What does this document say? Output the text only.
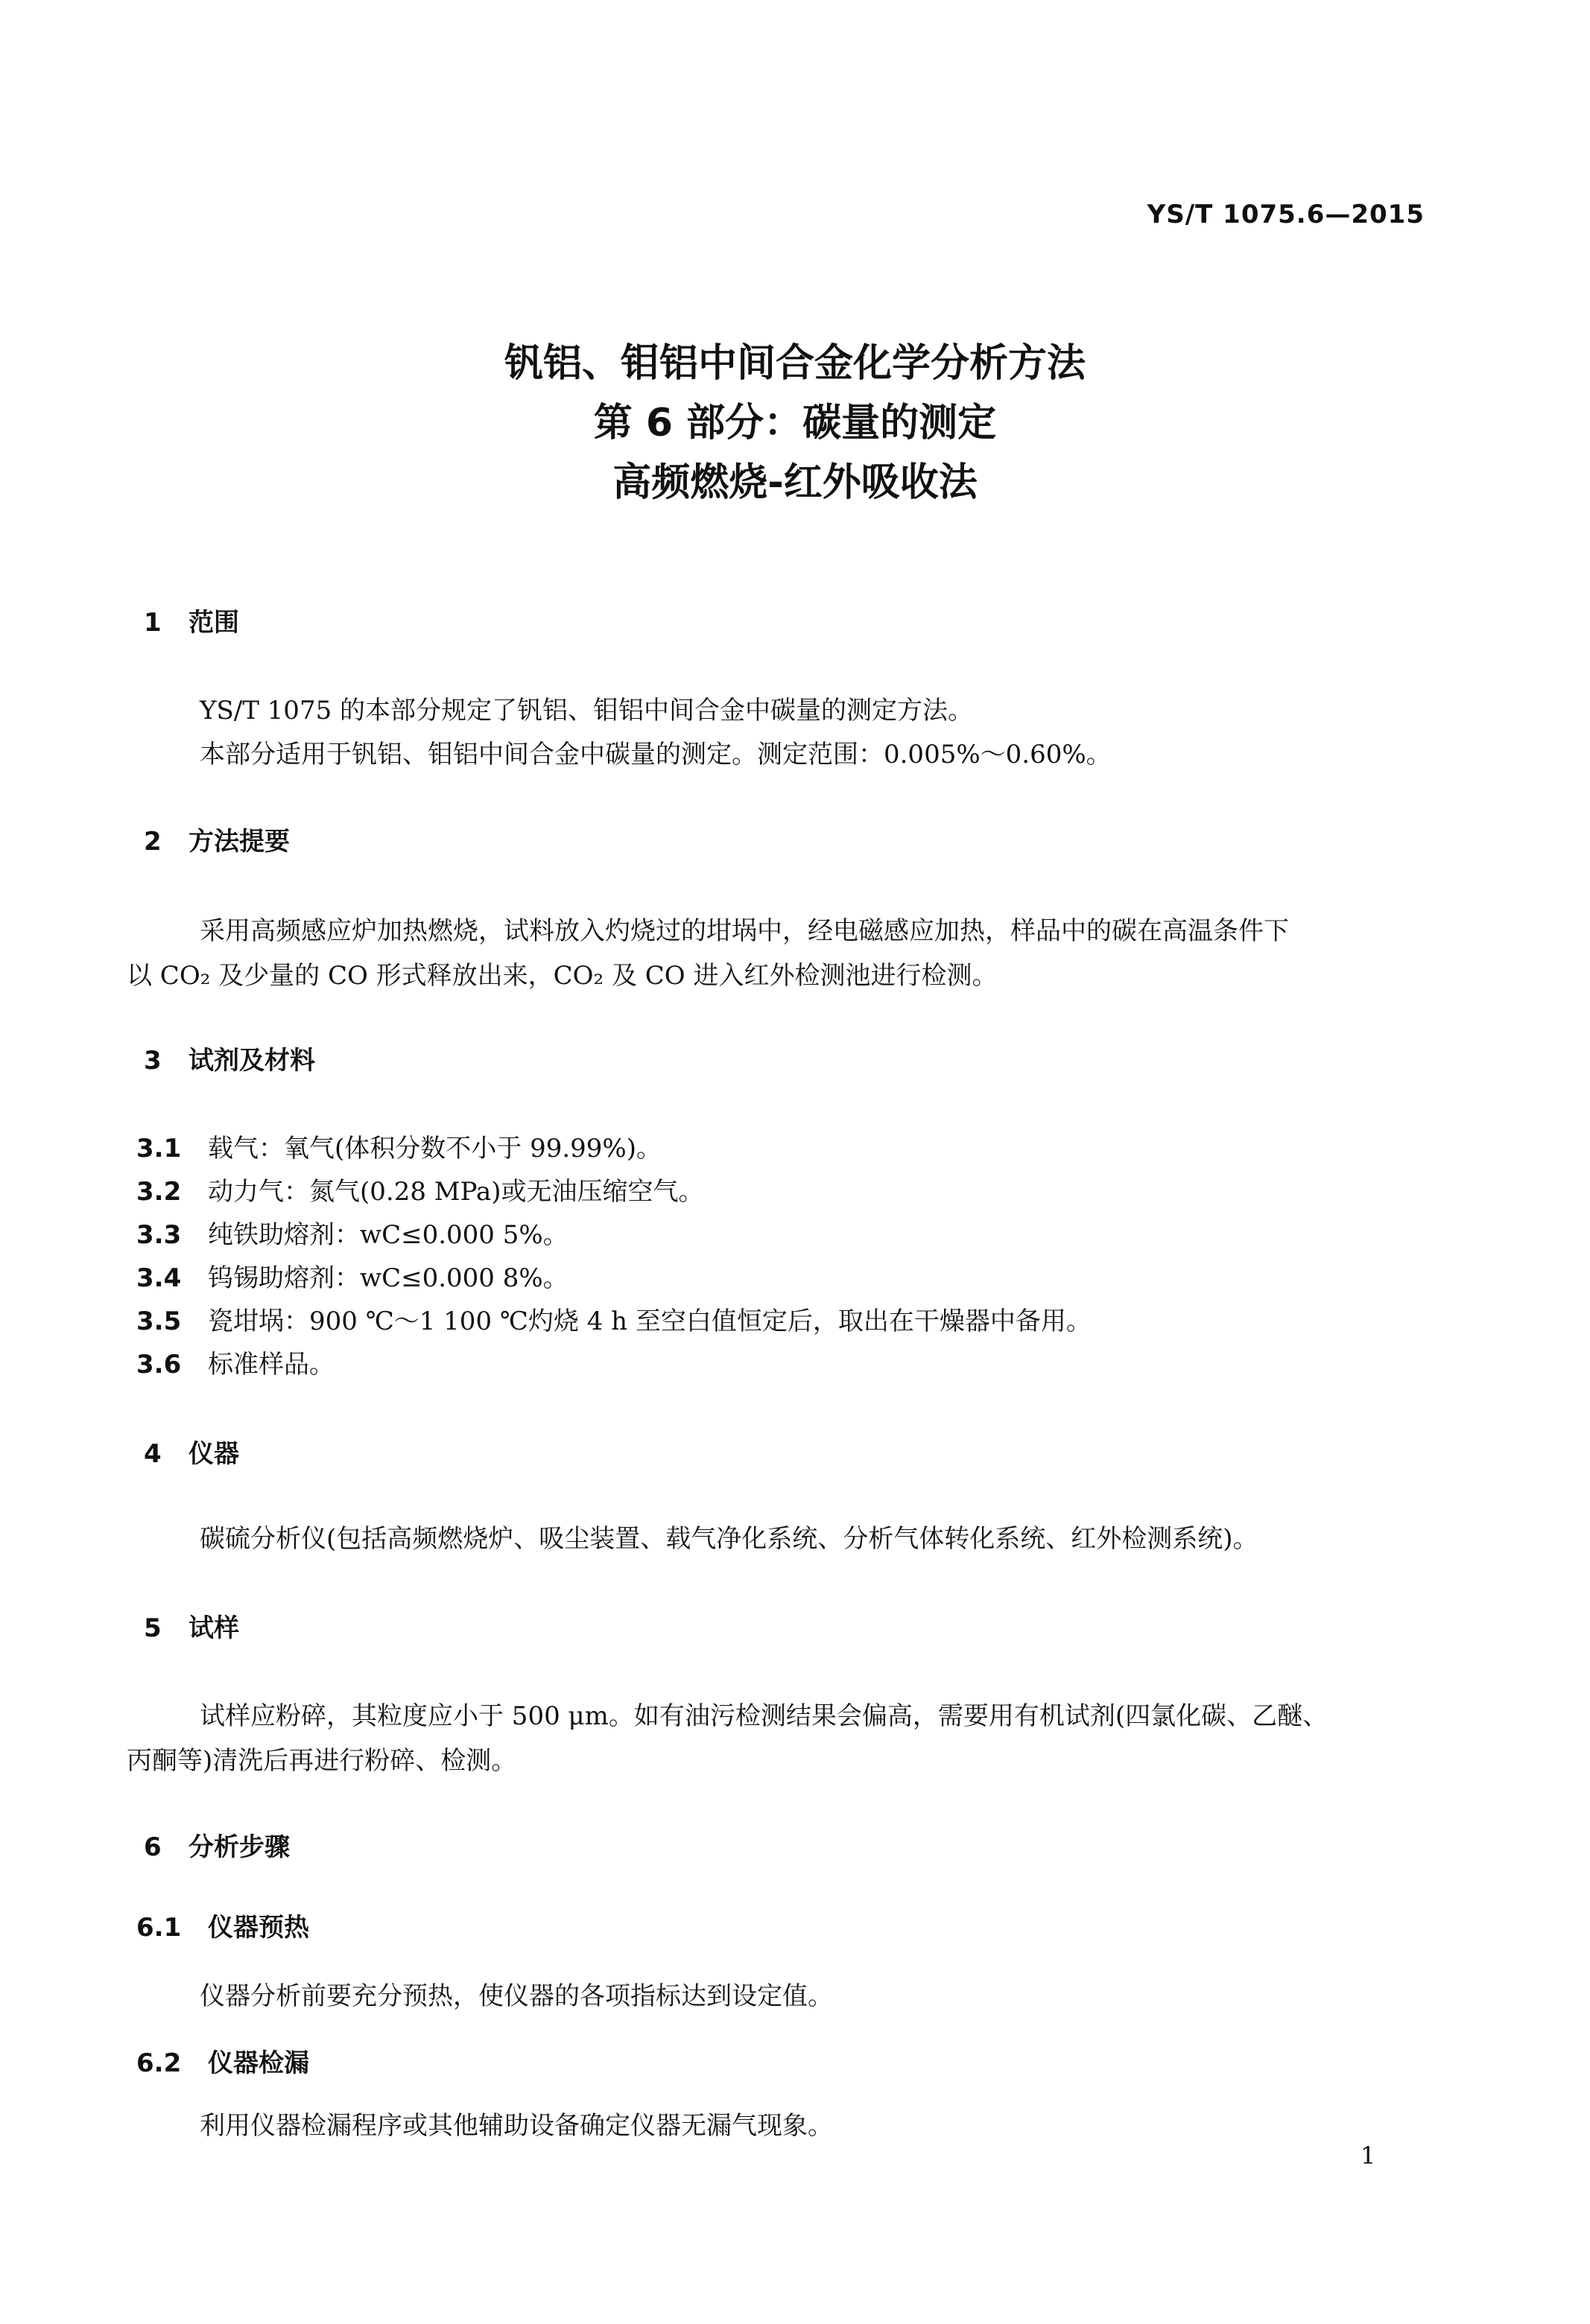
YS/T 1075.6—2015
钒铝、钼铝中间合金化学分析方法
第 6 部分：碳量的测定
高频燃烧-红外吸收法
1 范围
YS/T 1075 的本部分规定了钒铝、钼铝中间合金中碳量的测定方法。
本部分适用于钒铝、钼铝中间合金中碳量的测定。测定范围：0.005%～0.60%。
2 方法提要
采用高频感应炉加热燃烧，试料放入灼烧过的坩埚中，经电磁感应加热，样品中的碳在高温条件下
以 CO₂ 及少量的 CO 形式释放出来，CO₂ 及 CO 进入红外检测池进行检测。
3 试剂及材料
3.1 载气：氧气(体积分数不小于 99.99%)。
3.2 动力气：氮气(0.28 MPa)或无油压缩空气。
3.3 纯铁助熔剂：wC≤0.000 5%。
3.4 钨锡助熔剂：wC≤0.000 8%。
3.5 瓷坩埚：900 ℃～1 100 ℃灼烧 4 h 至空白值恒定后，取出在干燥器中备用。
3.6 标准样品。
4 仪器
碳硫分析仪(包括高频燃烧炉、吸尘装置、载气净化系统、分析气体转化系统、红外检测系统)。
5 试样
试样应粉碎，其粒度应小于 500 μm。如有油污检测结果会偏高，需要用有机试剂(四氯化碳、乙醚、
丙酮等)清洗后再进行粉碎、检测。
6 分析步骤
6.1 仪器预热
仪器分析前要充分预热，使仪器的各项指标达到设定值。
6.2 仪器检漏
利用仪器检漏程序或其他辅助设备确定仪器无漏气现象。
1
